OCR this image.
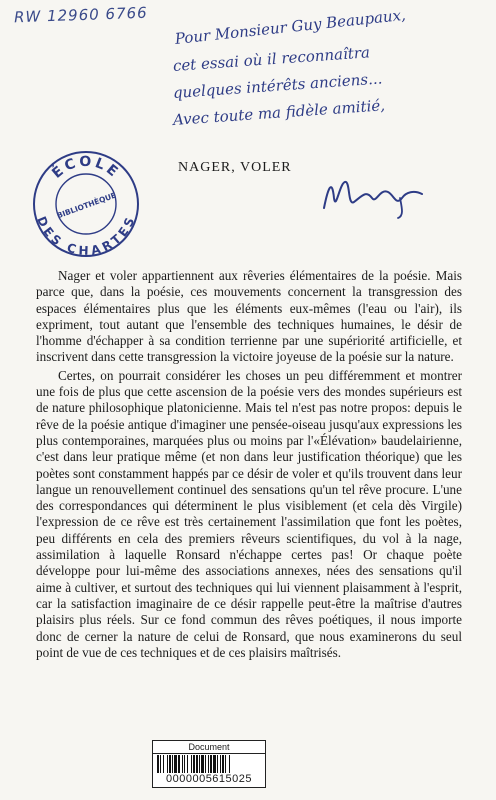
RW 12960 6766 Pour Monsieur Guy Beaupaux,
cet essai où il reconnaîtra
quelques intérêts anciens...
Avec toute ma fidèle amitié,
ÉCOLE
BIBLIOTHÈQUE
DES CHARTES
NAGER, VOLER

Nager et voler appartiennent aux rêveries élémentaires de la poésie. Mais parce que, dans la poésie, ces mouvements concernent la transgression des espaces élémentaires plus que les éléments eux-mêmes (l'eau ou l'air), ils expriment, tout autant que l'ensemble des techniques humaines, le désir de l'homme d'échapper à sa condition terrienne par une supériorité artificielle, et inscrivent dans cette transgression la victoire joyeuse de la poésie sur la nature.

Certes, on pourrait considérer les choses un peu différemment et montrer une fois de plus que cette ascension de la poésie vers des mondes supérieurs est de nature philosophique platonicienne. Mais tel n'est pas notre propos: depuis le rêve de la poésie antique d'imaginer une pensée-oiseau jusqu'aux expressions les plus contemporaines, marquées plus ou moins par l'«Élévation» baudelairienne, c'est dans leur pratique même (et non dans leur justification théorique) que les poètes sont constamment happés par ce désir de voler et qu'ils trouvent dans leur langue un renouvellement continuel des sensations qu'un tel rêve procure. L'une des correspondances qui déterminent le plus visiblement (et cela dès Virgile) l'expression de ce rêve est très certainement l'assimilation que font les poètes, peu différents en cela des premiers rêveurs scientifiques, du vol à la nage, assimilation à laquelle Ronsard n'échappe certes pas! Or chaque poète développe pour lui-même des associations annexes, nées des sensations qu'il aime à cultiver, et surtout des techniques qui lui viennent plaisamment à l'esprit, car la satisfaction imaginaire de ce désir rappelle peut-être la maîtrise d'autres plaisirs plus réels. Sur ce fond commun des rêves poétiques, il nous importe donc de cerner la nature de celui de Ronsard, que nous examinerons du seul point de vue de ces techniques et de ces plaisirs maîtrisés.

Document
0000005615025
